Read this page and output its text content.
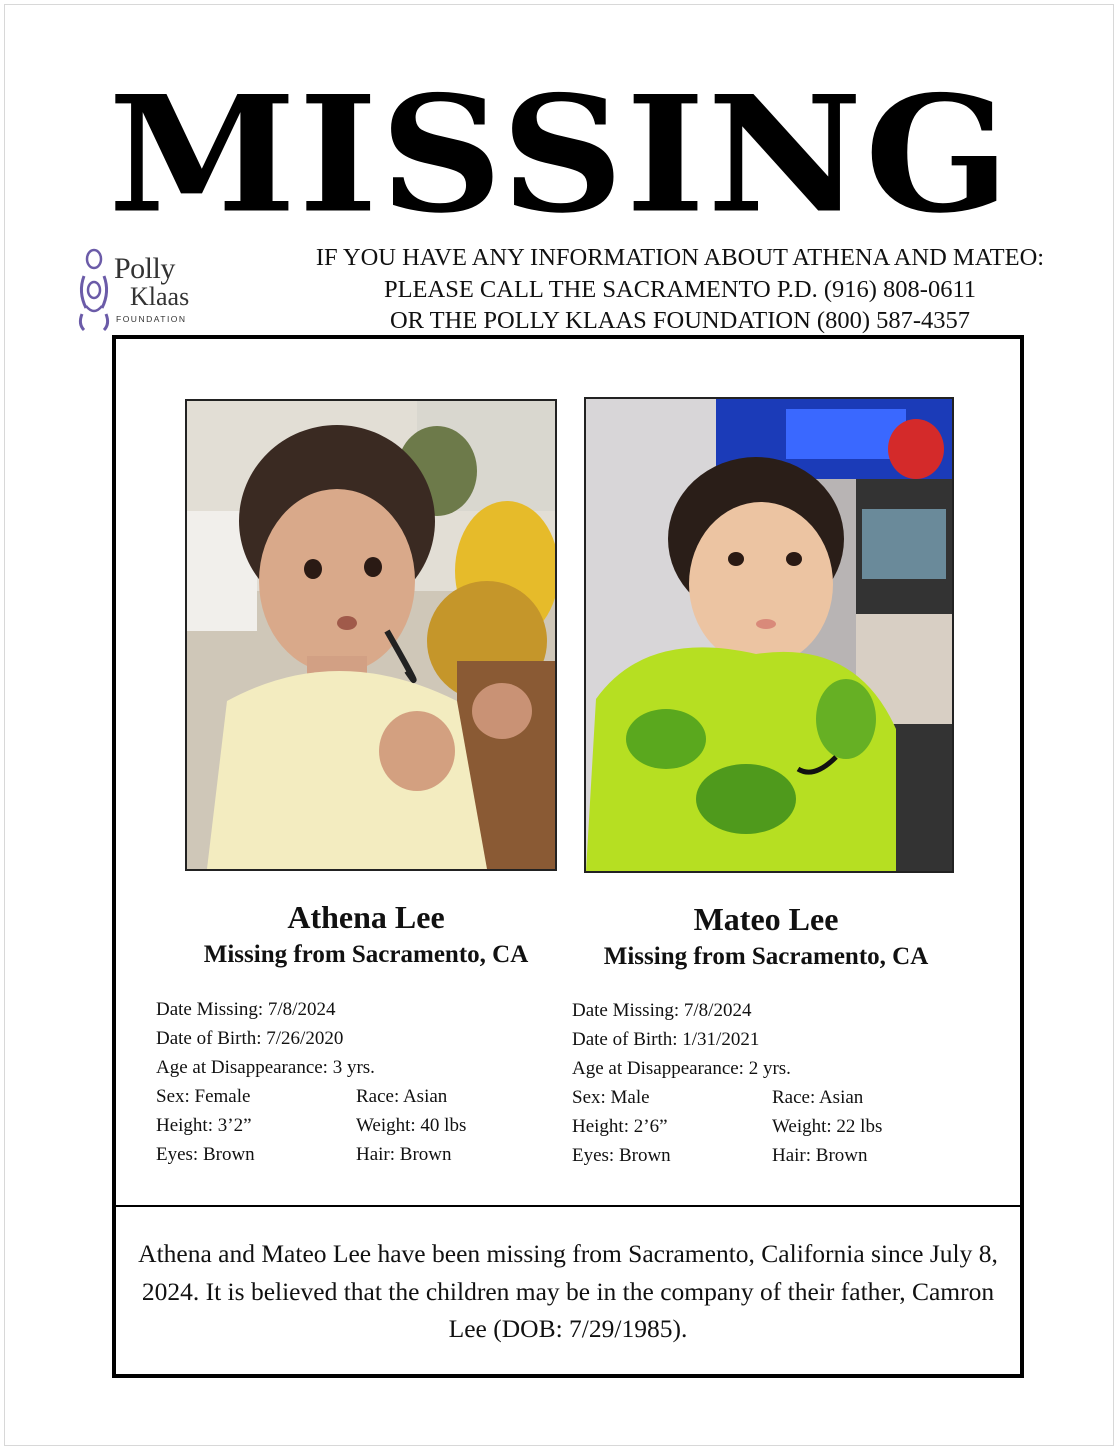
MISSING
Polly
Klaas
FOUNDATION
IF YOU HAVE ANY INFORMATION ABOUT ATHENA AND MATEO:
PLEASE CALL THE SACRAMENTO P.D. (916) 808-0611
OR THE POLLY KLAAS FOUNDATION (800) 587-4357
Athena Lee
Missing from Sacramento, CA
Mateo Lee
Missing from Sacramento, CA
Date Missing: 7/8/2024
Date of Birth: 7/26/2020
Age at Disappearance: 3 yrs.
Sex: Female	Race: Asian
Height: 3’2”	Weight: 40 lbs
Eyes: Brown	Hair: Brown
Date Missing: 7/8/2024
Date of Birth: 1/31/2021
Age at Disappearance: 2 yrs.
Sex: Male	Race: Asian
Height: 2’6”	Weight: 22 lbs
Eyes: Brown	Hair: Brown
Athena and Mateo Lee have been missing from Sacramento, California since July 8, 2024. It is believed that the children may be in the company of their father, Camron Lee (DOB: 7/29/1985).
